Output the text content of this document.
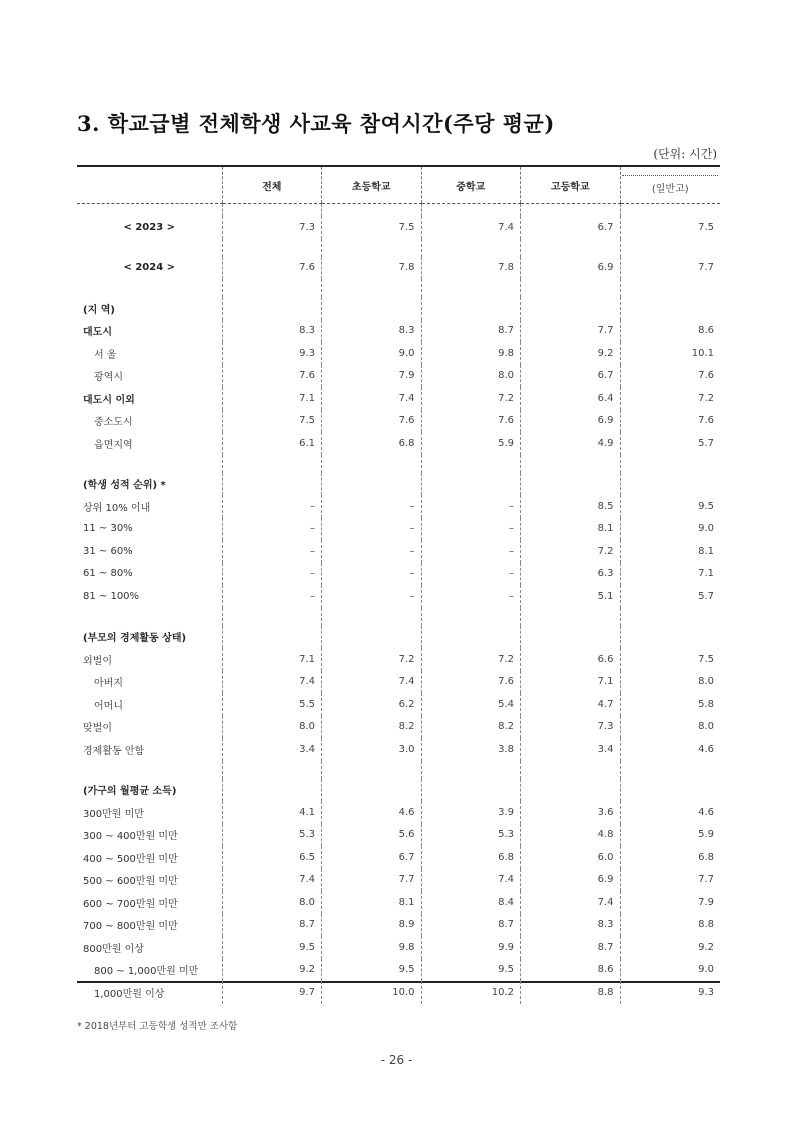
3. 학교급별 전체학생 사교육 참여시간(주당 평균)
(단위: 시간)
	전체	초등학교	중학교	고등학교	(일반고)

< 2023 >	7.3	7.5	7.4	6.7	7.5

< 2024 >	7.6	7.8	7.8	6.9	7.7

(지 역)					
대도시	8.3	8.3	8.7	7.7	8.6
서 울	9.3	9.0	9.8	9.2	10.1
광역시	7.6	7.9	8.0	6.7	7.6
대도시 이외	7.1	7.4	7.2	6.4	7.2
중소도시	7.5	7.6	7.6	6.9	7.6
읍면지역	6.1	6.8	5.9	4.9	5.7

(학생 성적 순위) *					
상위 10% 이내	–	–	–	8.5	9.5
11 ~ 30%	–	–	–	8.1	9.0
31 ~ 60%	–	–	–	7.2	8.1
61 ~ 80%	–	–	–	6.3	7.1
81 ~ 100%	–	–	–	5.1	5.7

(부모의 경제활동 상태)					
외벌이	7.1	7.2	7.2	6.6	7.5
아버지	7.4	7.4	7.6	7.1	8.0
어머니	5.5	6.2	5.4	4.7	5.8
맞벌이	8.0	8.2	8.2	7.3	8.0
경제활동 안함	3.4	3.0	3.8	3.4	4.6

(가구의 월평균 소득)					
300만원 미만	4.1	4.6	3.9	3.6	4.6
300 ~ 400만원 미만	5.3	5.6	5.3	4.8	5.9
400 ~ 500만원 미만	6.5	6.7	6.8	6.0	6.8
500 ~ 600만원 미만	7.4	7.7	7.4	6.9	7.7
600 ~ 700만원 미만	8.0	8.1	8.4	7.4	7.9
700 ~ 800만원 미만	8.7	8.9	8.7	8.3	8.8
800만원 이상	9.5	9.8	9.9	8.7	9.2
800 ~ 1,000만원 미만	9.2	9.5	9.5	8.6	9.0
1,000만원 이상	9.7	10.0	10.2	8.8	9.3
* 2018년부터 고등학생 성적만 조사함
- 26 -
